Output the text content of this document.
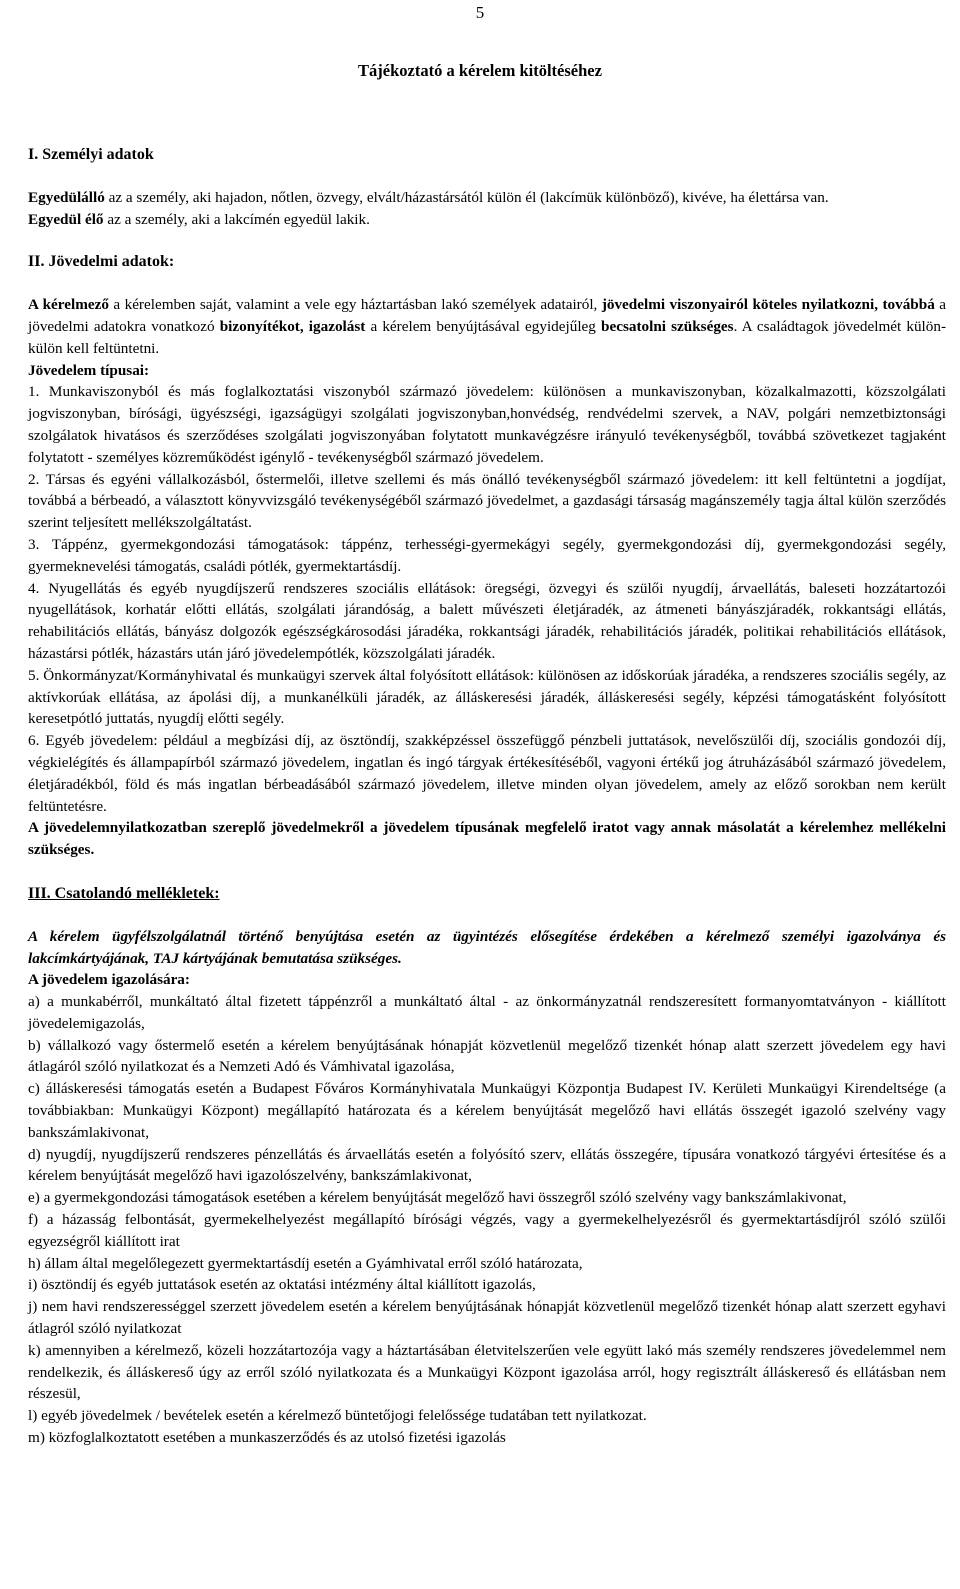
5
Tájékoztató a kérelem kitöltéséhez

I. Személyi adatok

Egyedülálló az a személy, aki hajadon, nőtlen, özvegy, elvált/házastársától külön él (lakcímük különböző), kivéve, ha élettársa van.

Egyedül élő az a személy, aki a lakcímén egyedül lakik.

II. Jövedelmi adatok:

A kérelmező a kérelemben saját, valamint a vele egy háztartásban lakó személyek adatairól, jövedelmi viszonyairól köteles nyilatkozni, továbbá a jövedelmi adatokra vonatkozó bizonyítékot, igazolást a kérelem benyújtásával egyidejűleg becsatolni szükséges. A családtagok jövedelmét külön-külön kell feltüntetni.

Jövedelem típusai:

1. Munkaviszonyból és más foglalkoztatási viszonyból származó jövedelem: különösen a munkaviszonyban, közalkalmazotti, közszolgálati jogviszonyban, bírósági, ügyészségi, igazságügyi szolgálati jogviszonyban,honvédség, rendvédelmi szervek, a NAV, polgári nemzetbiztonsági szolgálatok hivatásos és szerződéses szolgálati jogviszonyában folytatott munkavégzésre irányuló tevékenységből, továbbá szövetkezet tagjaként folytatott - személyes közreműködést igénylő - tevékenységből származó jövedelem.

2. Társas és egyéni vállalkozásból, őstermelői, illetve szellemi és más önálló tevékenységből származó jövedelem: itt kell feltüntetni a jogdíjat, továbbá a bérbeadó, a választott könyvvizsgáló tevékenységéből származó jövedelmet, a gazdasági társaság magánszemély tagja által külön szerződés szerint teljesített mellékszolgáltatást.

3. Táppénz, gyermekgondozási támogatások: táppénz, terhességi-gyermekágyi segély, gyermekgondozási díj, gyermekgondozási segély, gyermeknevelési támogatás, családi pótlék, gyermektartásdíj.

4. Nyugellátás és egyéb nyugdíjszerű rendszeres szociális ellátások: öregségi, özvegyi és szülői nyugdíj, árvaellátás, baleseti hozzátartozói nyugellátások, korhatár előtti ellátás, szolgálati járandóság, a balett művészeti életjáradék, az átmeneti bányászjáradék, rokkantsági ellátás, rehabilitációs ellátás, bányász dolgozók egészségkárosodási járadéka, rokkantsági járadék, rehabilitációs járadék, politikai rehabilitációs ellátások, házastársi pótlék, házastárs után járó jövedelempótlék, közszolgálati járadék.

5. Önkormányzat/Kormányhivatal és munkaügyi szervek által folyósított ellátások: különösen az időskorúak járadéka, a rendszeres szociális segély, az aktívkorúak ellátása, az ápolási díj, a munkanélküli járadék, az álláskeresési járadék, álláskeresési segély, képzési támogatásként folyósított keresetpótló juttatás, nyugdíj előtti segély.

6. Egyéb jövedelem: például a megbízási díj, az ösztöndíj, szakképzéssel összefüggő pénzbeli juttatások, nevelőszülői díj, szociális gondozói díj, végkielégítés és állampapírból származó jövedelem, ingatlan és ingó tárgyak értékesítéséből, vagyoni értékű jog átruházásából származó jövedelem, életjáradékból, föld és más ingatlan bérbeadásából származó jövedelem, illetve minden olyan jövedelem, amely az előző sorokban nem került feltüntetésre.

A jövedelemnyilatkozatban szereplő jövedelmekről a jövedelem típusának megfelelő iratot vagy annak másolatát a kérelemhez mellékelni szükséges.

III. Csatolandó mellékletek:

A kérelem ügyfélszolgálatnál történő benyújtása esetén az ügyintézés elősegítése érdekében a kérelmező személyi igazolványa és lakcímkártyájának, TAJ kártyájának bemutatása szükséges.

A jövedelem igazolására:

a) a munkabérről, munkáltató által fizetett táppénzről a munkáltató által - az önkormányzatnál rendszeresített formanyomtatványon - kiállított jövedelemigazolás,

b) vállalkozó vagy őstermelő esetén a kérelem benyújtásának hónapját közvetlenül megelőző tizenkét hónap alatt szerzett jövedelem egy havi átlagáról szóló nyilatkozat és a Nemzeti Adó és Vámhivatal igazolása,

c) álláskeresési támogatás esetén a Budapest Főváros Kormányhivatala Munkaügyi Központja Budapest IV. Kerületi Munkaügyi Kirendeltsége (a továbbiakban: Munkaügyi Központ) megállapító határozata és a kérelem benyújtását megelőző havi ellátás összegét igazoló szelvény vagy bankszámlakivonat,

d) nyugdíj, nyugdíjszerű rendszeres pénzellátás és árvaellátás esetén a folyósító szerv, ellátás összegére, típusára vonatkozó tárgyévi értesítése és a kérelem benyújtását megelőző havi igazolószelvény, bankszámlakivonat,

e) a gyermekgondozási támogatások esetében a kérelem benyújtását megelőző havi összegről szóló szelvény vagy bankszámlakivonat,

f) a házasság felbontását, gyermekelhelyezést megállapító bírósági végzés, vagy a gyermekelhelyezésről és gyermektartásdíjról szóló szülői egyezségről kiállított irat

h) állam által megelőlegezett gyermektartásdíj esetén a Gyámhivatal erről szóló határozata,

i) ösztöndíj és egyéb juttatások esetén az oktatási intézmény által kiállított igazolás,

j) nem havi rendszerességgel szerzett jövedelem esetén a kérelem benyújtásának hónapját közvetlenül megelőző tizenkét hónap alatt szerzett egyhavi átlagról szóló nyilatkozat

k) amennyiben a kérelmező, közeli hozzátartozója vagy a háztartásában életvitelszerűen vele együtt lakó más személy rendszeres jövedelemmel nem rendelkezik, és álláskereső úgy az erről szóló nyilatkozata és a Munkaügyi Központ igazolása arról, hogy regisztrált álláskereső és ellátásban nem részesül,

l) egyéb jövedelmek / bevételek esetén a kérelmező büntetőjogi felelőssége tudatában tett nyilatkozat.

m) közfoglalkoztatott esetében a munkaszerződés és az utolsó fizetési igazolás
